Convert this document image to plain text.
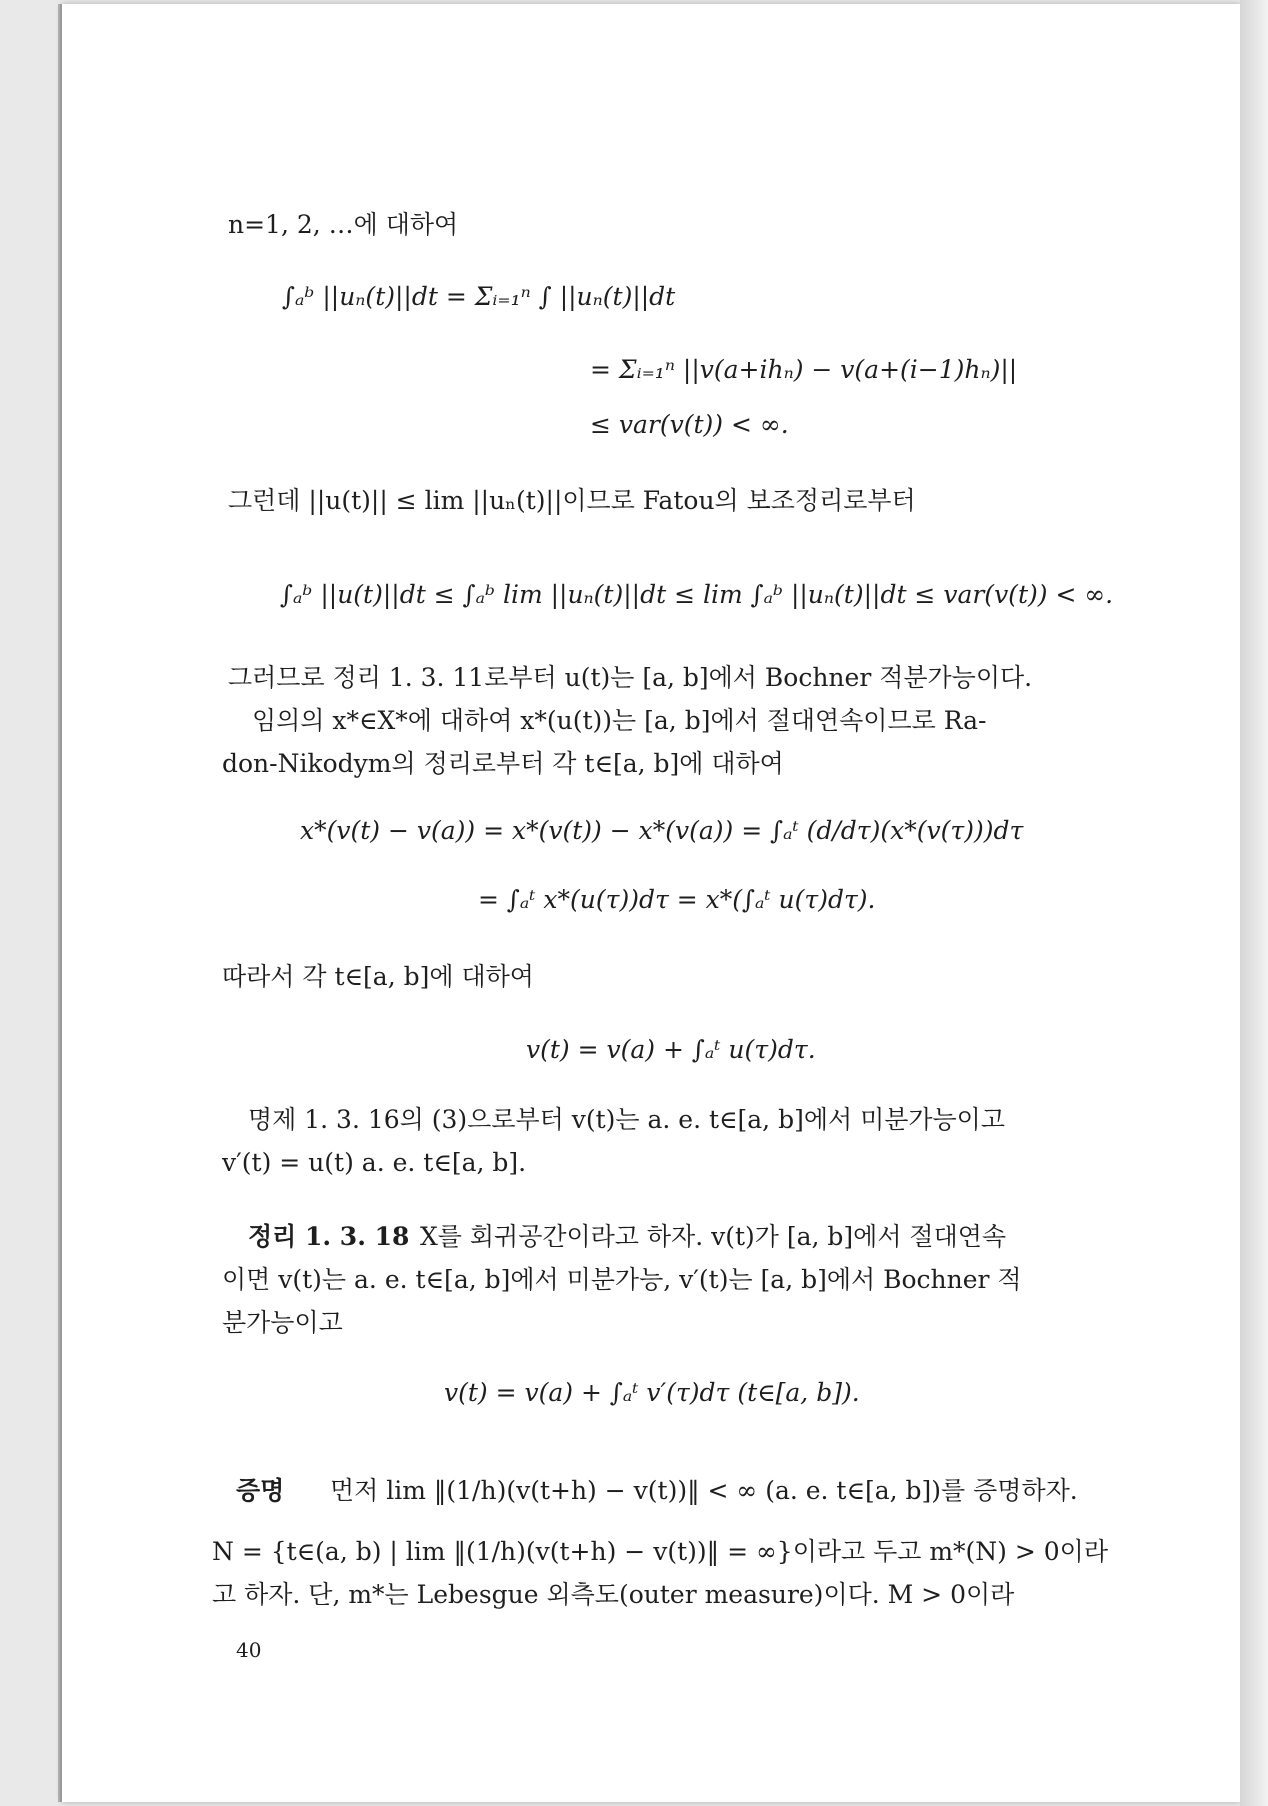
n=1, 2, …에 대하여
∫ₐᵇ ||uₙ(t)||dt = Σᵢ₌₁ⁿ ∫ ||uₙ(t)||dt
= Σᵢ₌₁ⁿ ||v(a+ihₙ) − v(a+(i−1)hₙ)||
≤ var(v(t)) < ∞.
그런데 ||u(t)|| ≤ lim ||uₙ(t)||이므로 Fatou의 보조정리로부터
∫ₐᵇ ||u(t)||dt ≤ ∫ₐᵇ lim ||uₙ(t)||dt ≤ lim ∫ₐᵇ ||uₙ(t)||dt ≤ var(v(t)) < ∞.
그러므로 정리 1. 3. 11로부터 u(t)는 [a, b]에서 Bochner 적분가능이다.
임의의 x*∈X*에 대하여 x*(u(t))는 [a, b]에서 절대연속이므로 Ra-
don-Nikodym의 정리로부터 각 t∈[a, b]에 대하여
x*(v(t) − v(a)) = x*(v(t)) − x*(v(a)) = ∫ₐᵗ (d/dτ)(x*(v(τ)))dτ
= ∫ₐᵗ x*(u(τ))dτ = x*(∫ₐᵗ u(τ)dτ).
따라서 각 t∈[a, b]에 대하여
v(t) = v(a) + ∫ₐᵗ u(τ)dτ.
명제 1. 3. 16의 (3)으로부터 v(t)는 a. e. t∈[a, b]에서 미분가능이고
v′(t) = u(t) a. e. t∈[a, b].
정리 1. 3. 18 X를 회귀공간이라고 하자. v(t)가 [a, b]에서 절대연속
이면 v(t)는 a. e. t∈[a, b]에서 미분가능, v′(t)는 [a, b]에서 Bochner 적
분가능이고
v(t) = v(a) + ∫ₐᵗ v′(τ)dτ (t∈[a, b]).
증명 먼저 lim ‖(1/h)(v(t+h) − v(t))‖ < ∞ (a. e. t∈[a, b])를 증명하자.
N = {t∈(a, b) | lim ‖(1/h)(v(t+h) − v(t))‖ = ∞}이라고 두고 m*(N) > 0이라
고 하자. 단, m*는 Lebesgue 외측도(outer measure)이다. M > 0이라
40
